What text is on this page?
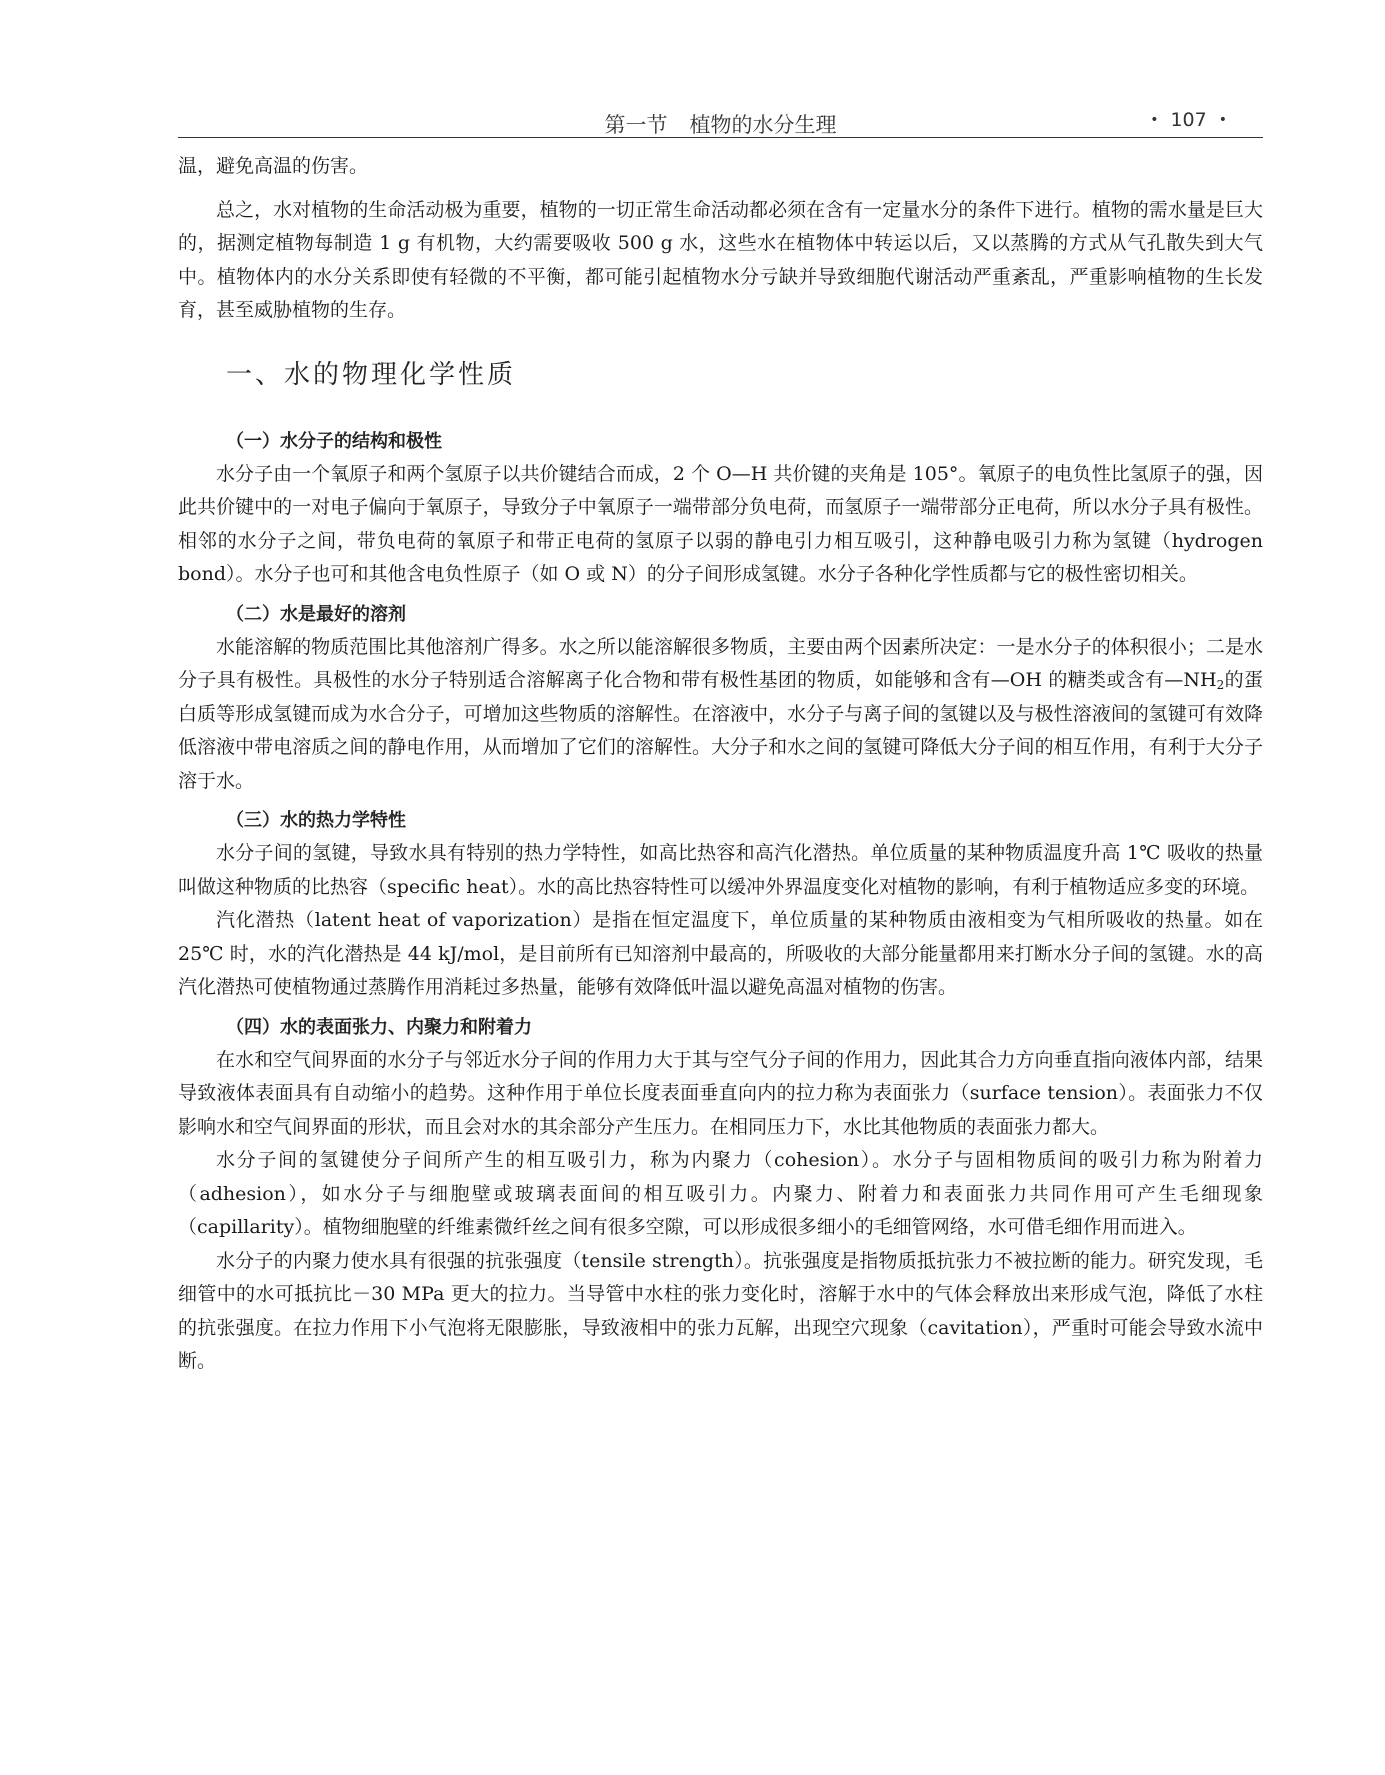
第一节 植物的水分生理	• 107 •

温，避免高温的伤害。

总之，水对植物的生命活动极为重要，植物的一切正常生命活动都必须在含有一定量水分的条件下进行。植物的需水量是巨大的，据测定植物每制造 1 g 有机物，大约需要吸收 500 g 水，这些水在植物体中转运以后，又以蒸腾的方式从气孔散失到大气中。植物体内的水分关系即使有轻微的不平衡，都可能引起植物水分亏缺并导致细胞代谢活动严重紊乱，严重影响植物的生长发育，甚至威胁植物的生存。

一、水的物理化学性质
（一）水分子的结构和极性

水分子由一个氧原子和两个氢原子以共价键结合而成，2 个 O—H 共价键的夹角是 105°。氧原子的电负性比氢原子的强，因此共价键中的一对电子偏向于氧原子，导致分子中氧原子一端带部分负电荷，而氢原子一端带部分正电荷，所以水分子具有极性。相邻的水分子之间，带负电荷的氧原子和带正电荷的氢原子以弱的静电引力相互吸引，这种静电吸引力称为氢键（hydrogen bond）。水分子也可和其他含电负性原子（如 O 或 N）的分子间形成氢键。水分子各种化学性质都与它的极性密切相关。

（二）水是最好的溶剂

水能溶解的物质范围比其他溶剂广得多。水之所以能溶解很多物质，主要由两个因素所决定：一是水分子的体积很小；二是水分子具有极性。具极性的水分子特别适合溶解离子化合物和带有极性基团的物质，如能够和含有—OH 的糖类或含有$—NH_2$的蛋白质等形成氢键而成为水合分子，可增加这些物质的溶解性。在溶液中，水分子与离子间的氢键以及与极性溶液间的氢键可有效降低溶液中带电溶质之间的静电作用，从而增加了它们的溶解性。大分子和水之间的氢键可降低大分子间的相互作用，有利于大分子溶于水。

（三）水的热力学特性

水分子间的氢键，导致水具有特别的热力学特性，如高比热容和高汽化潜热。单位质量的某种物质温度升高 1℃ 吸收的热量叫做这种物质的比热容（specific heat）。水的高比热容特性可以缓冲外界温度变化对植物的影响，有利于植物适应多变的环境。

汽化潜热（latent heat of vaporization）是指在恒定温度下，单位质量的某种物质由液相变为气相所吸收的热量。如在 25℃ 时，水的汽化潜热是 44 kJ/mol，是目前所有已知溶剂中最高的，所吸收的大部分能量都用来打断水分子间的氢键。水的高汽化潜热可使植物通过蒸腾作用消耗过多热量，能够有效降低叶温以避免高温对植物的伤害。

（四）水的表面张力、内聚力和附着力

在水和空气间界面的水分子与邻近水分子间的作用力大于其与空气分子间的作用力，因此其合力方向垂直指向液体内部，结果导致液体表面具有自动缩小的趋势。这种作用于单位长度表面垂直向内的拉力称为表面张力（surface tension）。表面张力不仅影响水和空气间界面的形状，而且会对水的其余部分产生压力。在相同压力下，水比其他物质的表面张力都大。

水分子间的氢键使分子间所产生的相互吸引力，称为内聚力（cohesion）。水分子与固相物质间的吸引力称为附着力（adhesion），如水分子与细胞壁或玻璃表面间的相互吸引力。内聚力、附着力和表面张力共同作用可产生毛细现象（capillarity）。植物细胞壁的纤维素微纤丝之间有很多空隙，可以形成很多细小的毛细管网络，水可借毛细作用而进入。

水分子的内聚力使水具有很强的抗张强度（tensile strength）。抗张强度是指物质抵抗张力不被拉断的能力。研究发现，毛细管中的水可抵抗比－30 MPa 更大的拉力。当导管中水柱的张力变化时，溶解于水中的气体会释放出来形成气泡，降低了水柱的抗张强度。在拉力作用下小气泡将无限膨胀，导致液相中的张力瓦解，出现空穴现象（cavitation），严重时可能会导致水流中断。
